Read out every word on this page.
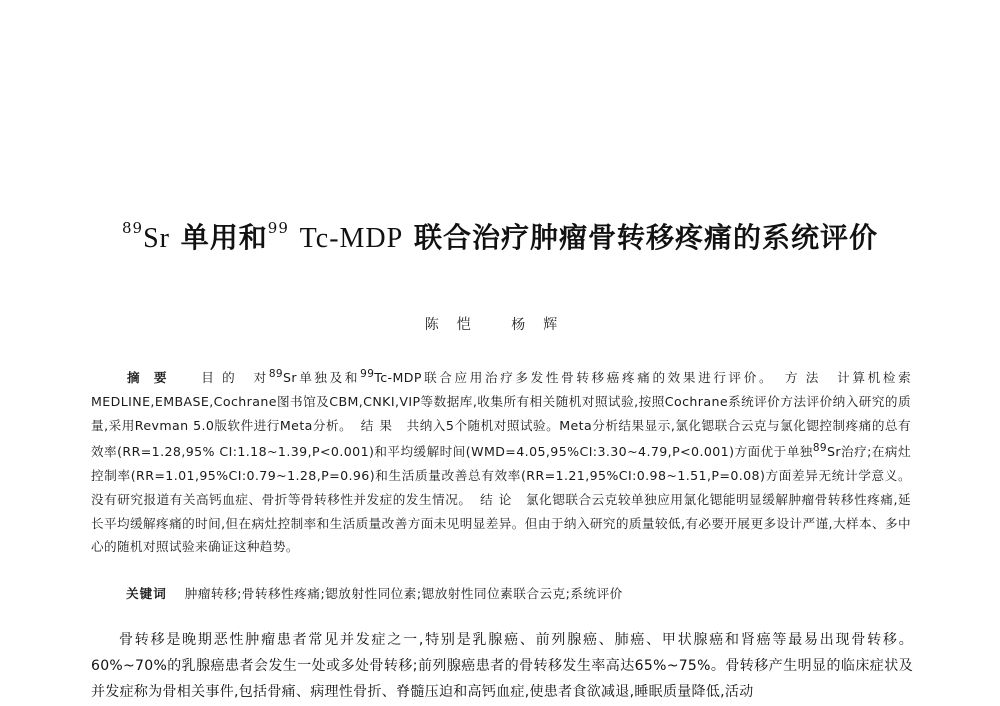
$^{89}$Sr 单用和$^{99}$ Tc-MDP 联合治疗肿瘤骨转移疼痛的系统评价
陈恺 杨辉
摘要 目的 对$^{89}$Sr单独及和$^{99}$Tc-MDP联合应用治疗多发性骨转移癌疼痛的效果进行评价。 方法 计算机检索MEDLINE,EMBASE,Cochrane图书馆及CBM,CNKI,VIP等数据库,收集所有相关随机对照试验,按照Cochrane系统评价方法评价纳入研究的质量,采用Revman 5.0版软件进行Meta分析。 结果 共纳入5个随机对照试验。Meta分析结果显示,氯化锶联合云克与氯化锶控制疼痛的总有效率(RR=1.28,95% CI:1.18~1.39,P<0.001)和平均缓解时间(WMD=4.05,95%CI:3.30~4.79,P<0.001)方面优于单独$^{89}$Sr治疗;在病灶控制率(RR=1.01,95%CI:0.79~1.28,P=0.96)和生活质量改善总有效率(RR=1.21,95%CI:0.98~1.51,P=0.08)方面差异无统计学意义。没有研究报道有关高钙血症、骨折等骨转移性并发症的发生情况。 结论 氯化锶联合云克较单独应用氯化锶能明显缓解肿瘤骨转移性疼痛,延长平均缓解疼痛的时间,但在病灶控制率和生活质量改善方面未见明显差异。但由于纳入研究的质量较低,有必要开展更多设计严谨,大样本、多中心的随机对照试验来确证这种趋势。
关键词 肿瘤转移;骨转移性疼痛;锶放射性同位素;锶放射性同位素联合云克;系统评价
骨转移是晚期恶性肿瘤患者常见并发症之一,特别是乳腺癌、前列腺癌、肺癌、甲状腺癌和肾癌等最易出现骨转移。60%~70%的乳腺癌患者会发生一处或多处骨转移;前列腺癌患者的骨转移发生率高达65%~75%。骨转移产生明显的临床症状及并发症称为骨相关事件,包括骨痛、病理性骨折、脊髓压迫和高钙血症,使患者食欲减退,睡眠质量降低,活动
